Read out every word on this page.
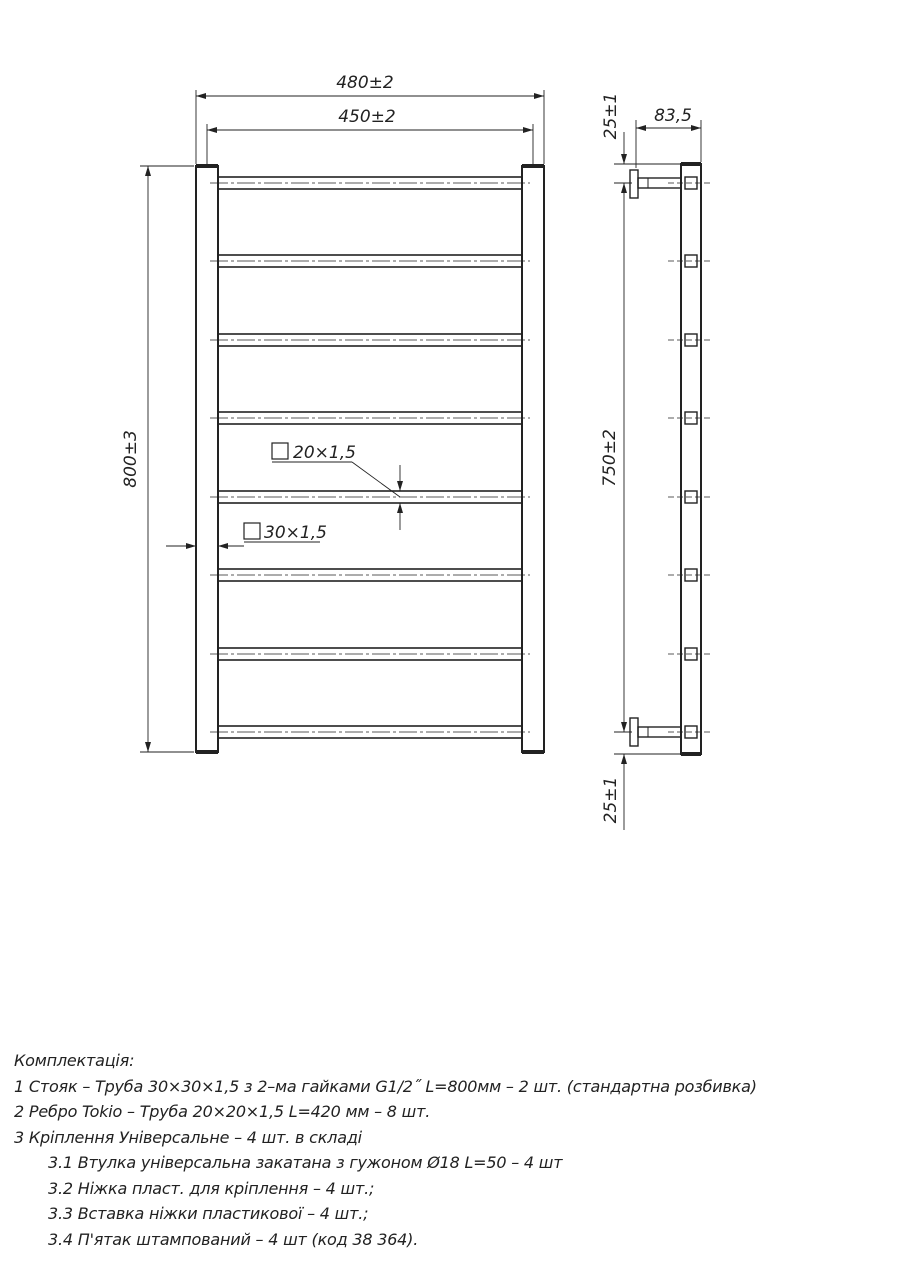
480±2
450±2
800±3	20×1,5
30×1,5
83,5
25±1
750±2
25±1
Комплектація:
1 Стояк – Труба 30×30×1,5 з 2–ма гайками G1/2˝ L=800мм – 2 шт. (стандартна розбивка)
2 Ребро Tokio – Труба 20×20×1,5 L=420 мм – 8 шт.
3 Кріплення Універсальне – 4 шт. в складі
3.1 Втулка універсальна закатана з гужоном Ø18 L=50 – 4 шт
3.2 Ніжка пласт. для кріплення – 4 шт.;
3.3 Вставка ніжки пластикової – 4 шт.;
3.4 П'ятак штампований – 4 шт (код 38 364).
